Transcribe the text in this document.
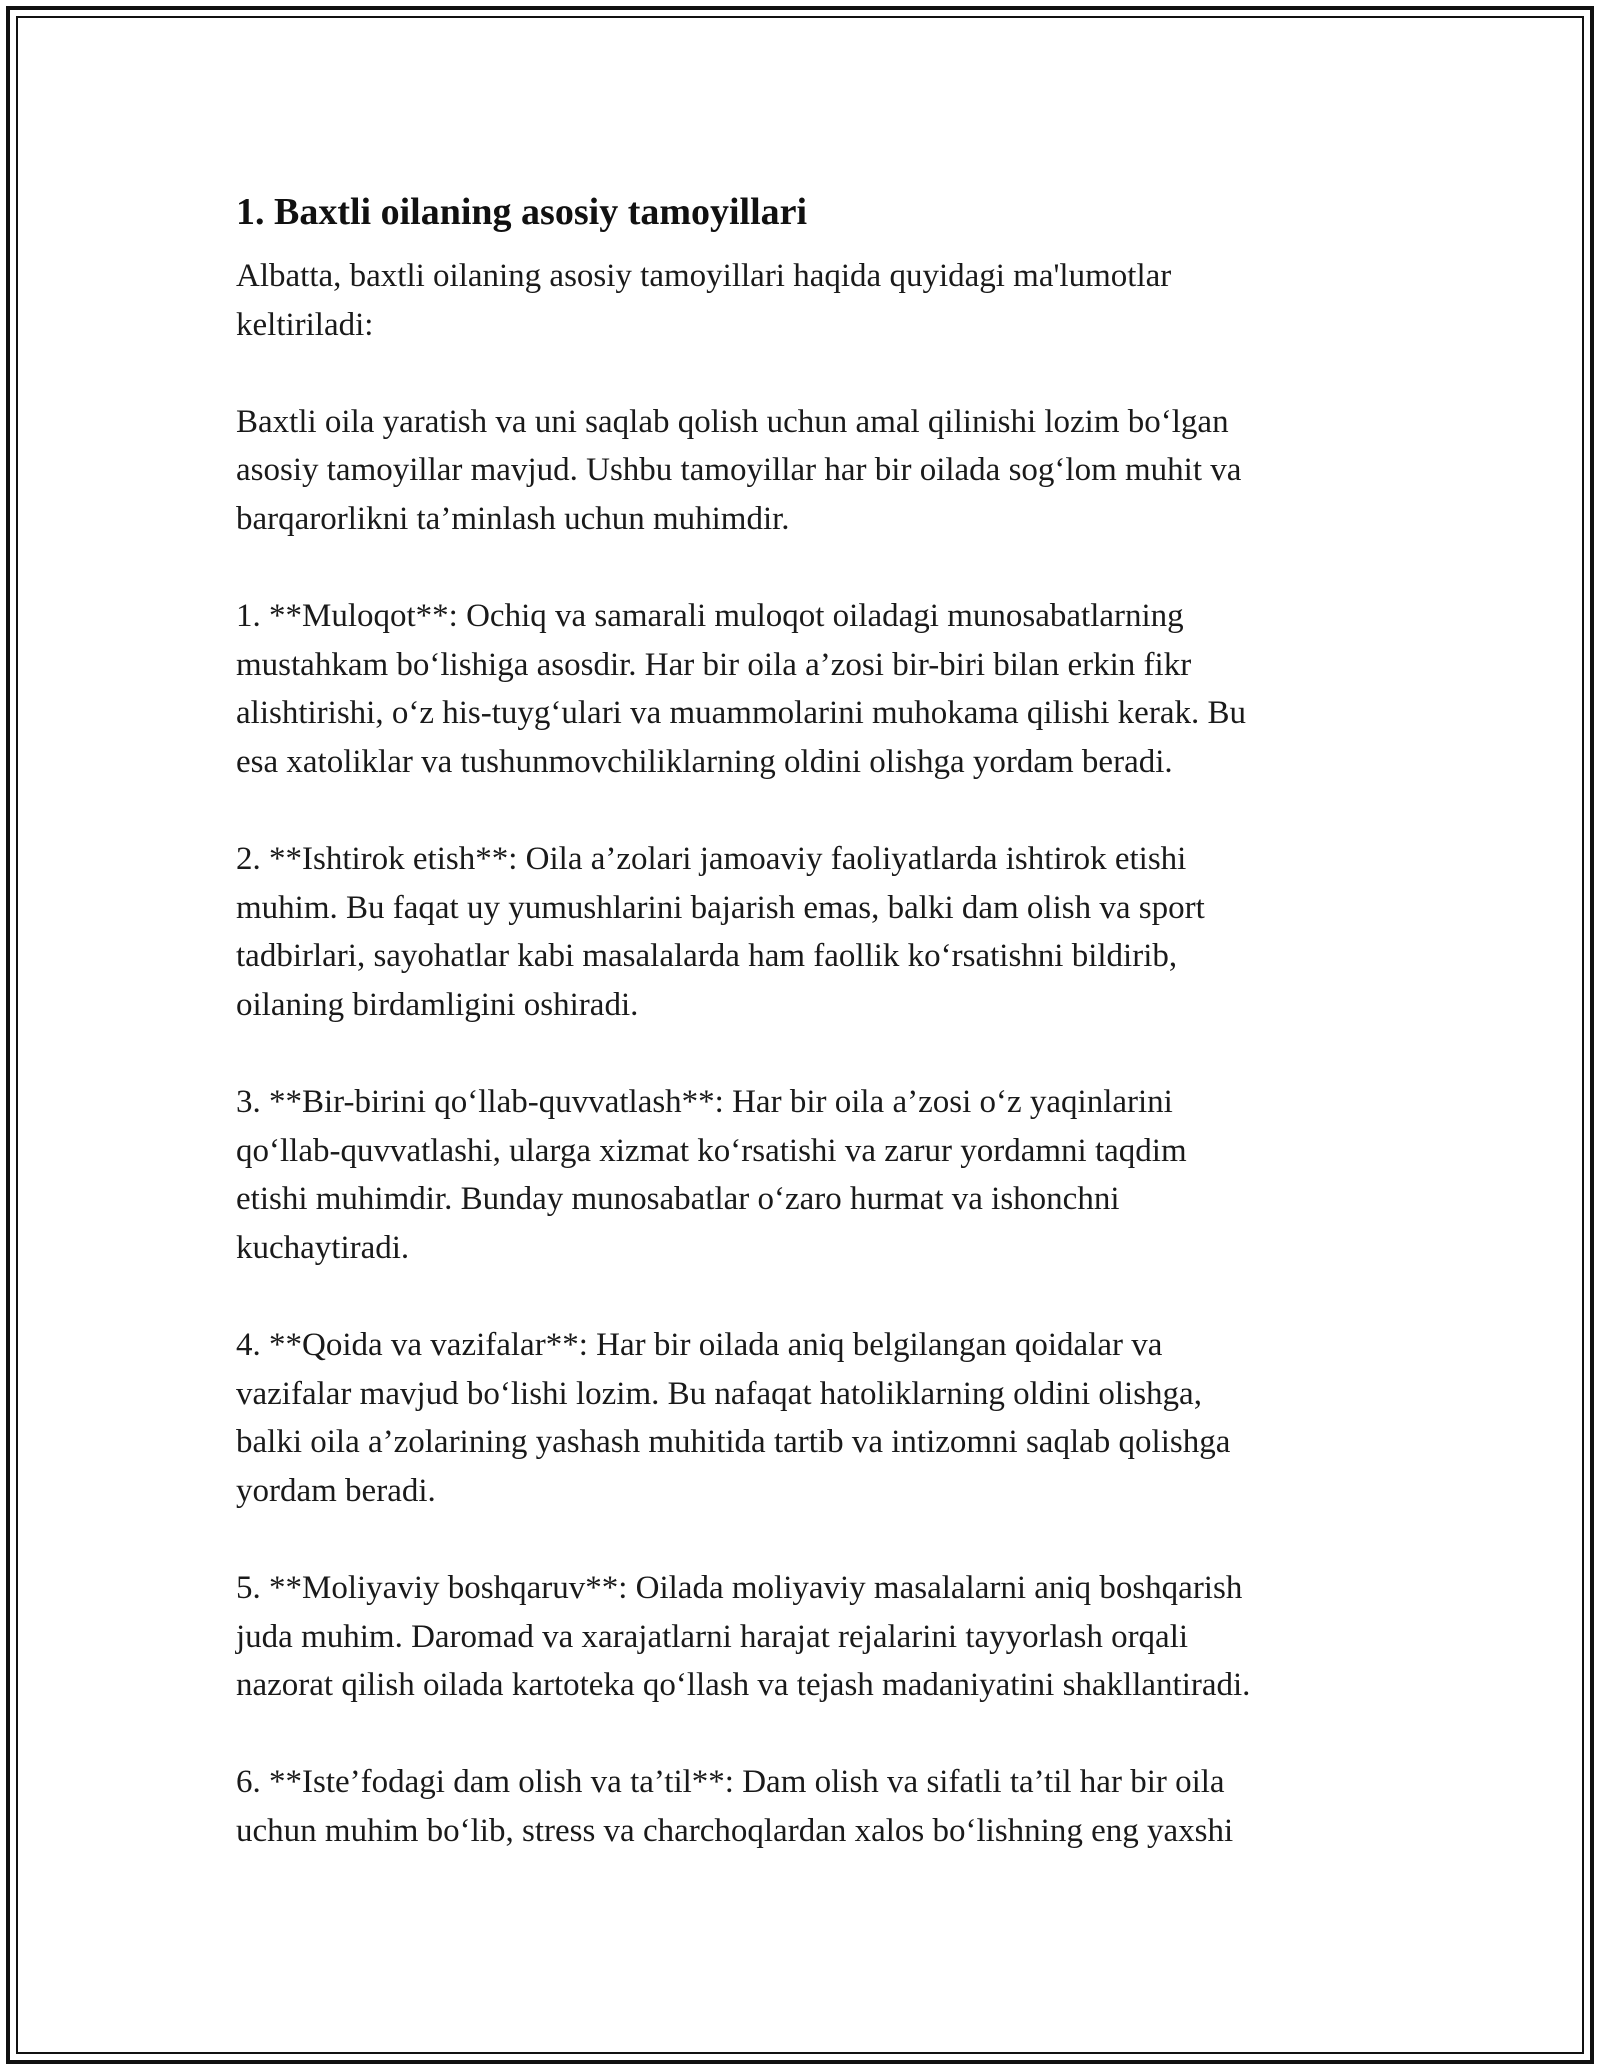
1. Baxtli oilaning asosiy tamoyillari

Albatta, baxtli oilaning asosiy tamoyillari haqida quyidagi ma'lumotlar
keltiriladi:

Baxtli oila yaratish va uni saqlab qolish uchun amal qilinishi lozim bo‘lgan
asosiy tamoyillar mavjud. Ushbu tamoyillar har bir oilada sog‘lom muhit va
barqarorlikni ta’minlash uchun muhimdir.

1. **Muloqot**: Ochiq va samarali muloqot oiladagi munosabatlarning
mustahkam bo‘lishiga asosdir. Har bir oila a’zosi bir-biri bilan erkin fikr
alishtirishi, o‘z his-tuyg‘ulari va muammolarini muhokama qilishi kerak. Bu
esa xatoliklar va tushunmovchiliklarning oldini olishga yordam beradi.

2. **Ishtirok etish**: Oila a’zolari jamoaviy faoliyatlarda ishtirok etishi
muhim. Bu faqat uy yumushlarini bajarish emas, balki dam olish va sport
tadbirlari, sayohatlar kabi masalalarda ham faollik ko‘rsatishni bildirib,
oilaning birdamligini oshiradi.

3. **Bir-birini qo‘llab-quvvatlash**: Har bir oila a’zosi o‘z yaqinlarini
qo‘llab-quvvatlashi, ularga xizmat ko‘rsatishi va zarur yordamni taqdim
etishi muhimdir. Bunday munosabatlar o‘zaro hurmat va ishonchni
kuchaytiradi.

4. **Qoida va vazifalar**: Har bir oilada aniq belgilangan qoidalar va
vazifalar mavjud bo‘lishi lozim. Bu nafaqat hatoliklarning oldini olishga,
balki oila a’zolarining yashash muhitida tartib va intizomni saqlab qolishga
yordam beradi.

5. **Moliyaviy boshqaruv**: Oilada moliyaviy masalalarni aniq boshqarish
juda muhim. Daromad va xarajatlarni harajat rejalarini tayyorlash orqali
nazorat qilish oilada kartoteka qo‘llash va tejash madaniyatini shakllantiradi.

6. **Iste’fodagi dam olish va ta’til**: Dam olish va sifatli ta’til har bir oila
uchun muhim bo‘lib, stress va charchoqlardan xalos bo‘lishning eng yaxshi
